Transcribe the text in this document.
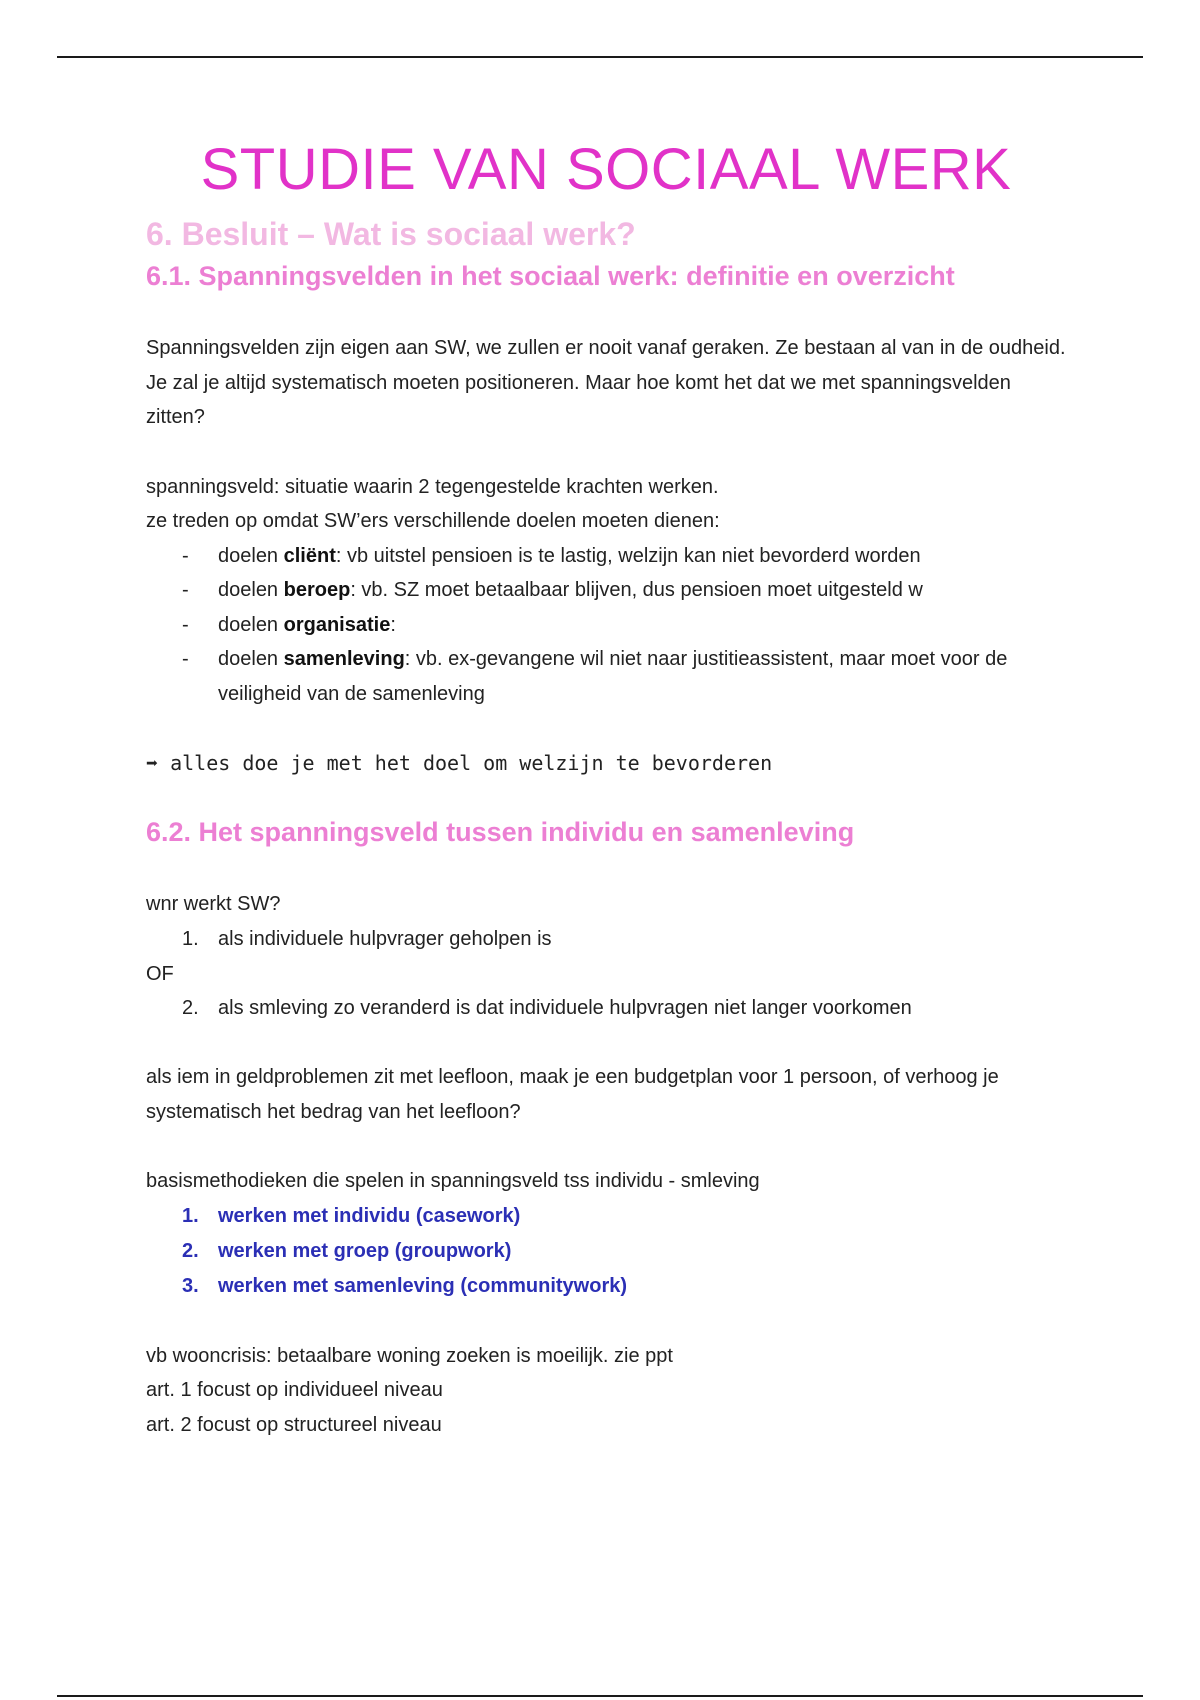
STUDIE VAN SOCIAAL WERK
6. Besluit – Wat is sociaal werk?
6.1. Spanningsvelden in het sociaal werk: definitie en overzicht

Spanningsvelden zijn eigen aan SW, we zullen er nooit vanaf geraken. Ze bestaan al van in de oudheid. Je zal je altijd systematisch moeten positioneren. Maar hoe komt het dat we met spanningsvelden zitten?

spanningsveld: situatie waarin 2 tegengestelde krachten werken.
ze treden op omdat SW’ers verschillende doelen moeten dienen:
- doelen cliënt: vb uitstel pensioen is te lastig, welzijn kan niet bevorderd worden
- doelen beroep: vb. SZ moet betaalbaar blijven, dus pensioen moet uitgesteld w
- doelen organisatie:
- doelen samenleving: vb. ex-gevangene wil niet naar justitieassistent, maar moet voor de veiligheid van de samenleving
➡ alles doe je met het doel om welzijn te bevorderen
6.2. Het spanningsveld tussen individu en samenleving
wnr werkt SW?
1. als individuele hulpvrager geholpen is
OF
2. als smleving zo veranderd is dat individuele hulpvragen niet langer voorkomen

als iem in geldproblemen zit met leefloon, maak je een budgetplan voor 1 persoon, of verhoog je systematisch het bedrag van het leefloon?

basismethodieken die spelen in spanningsveld tss individu - smleving
1. werken met individu (casework)
2. werken met groep (groupwork)
3. werken met samenleving (communitywork)
vb wooncrisis: betaalbare woning zoeken is moeilijk. zie ppt
art. 1 focust op individueel niveau
art. 2 focust op structureel niveau
